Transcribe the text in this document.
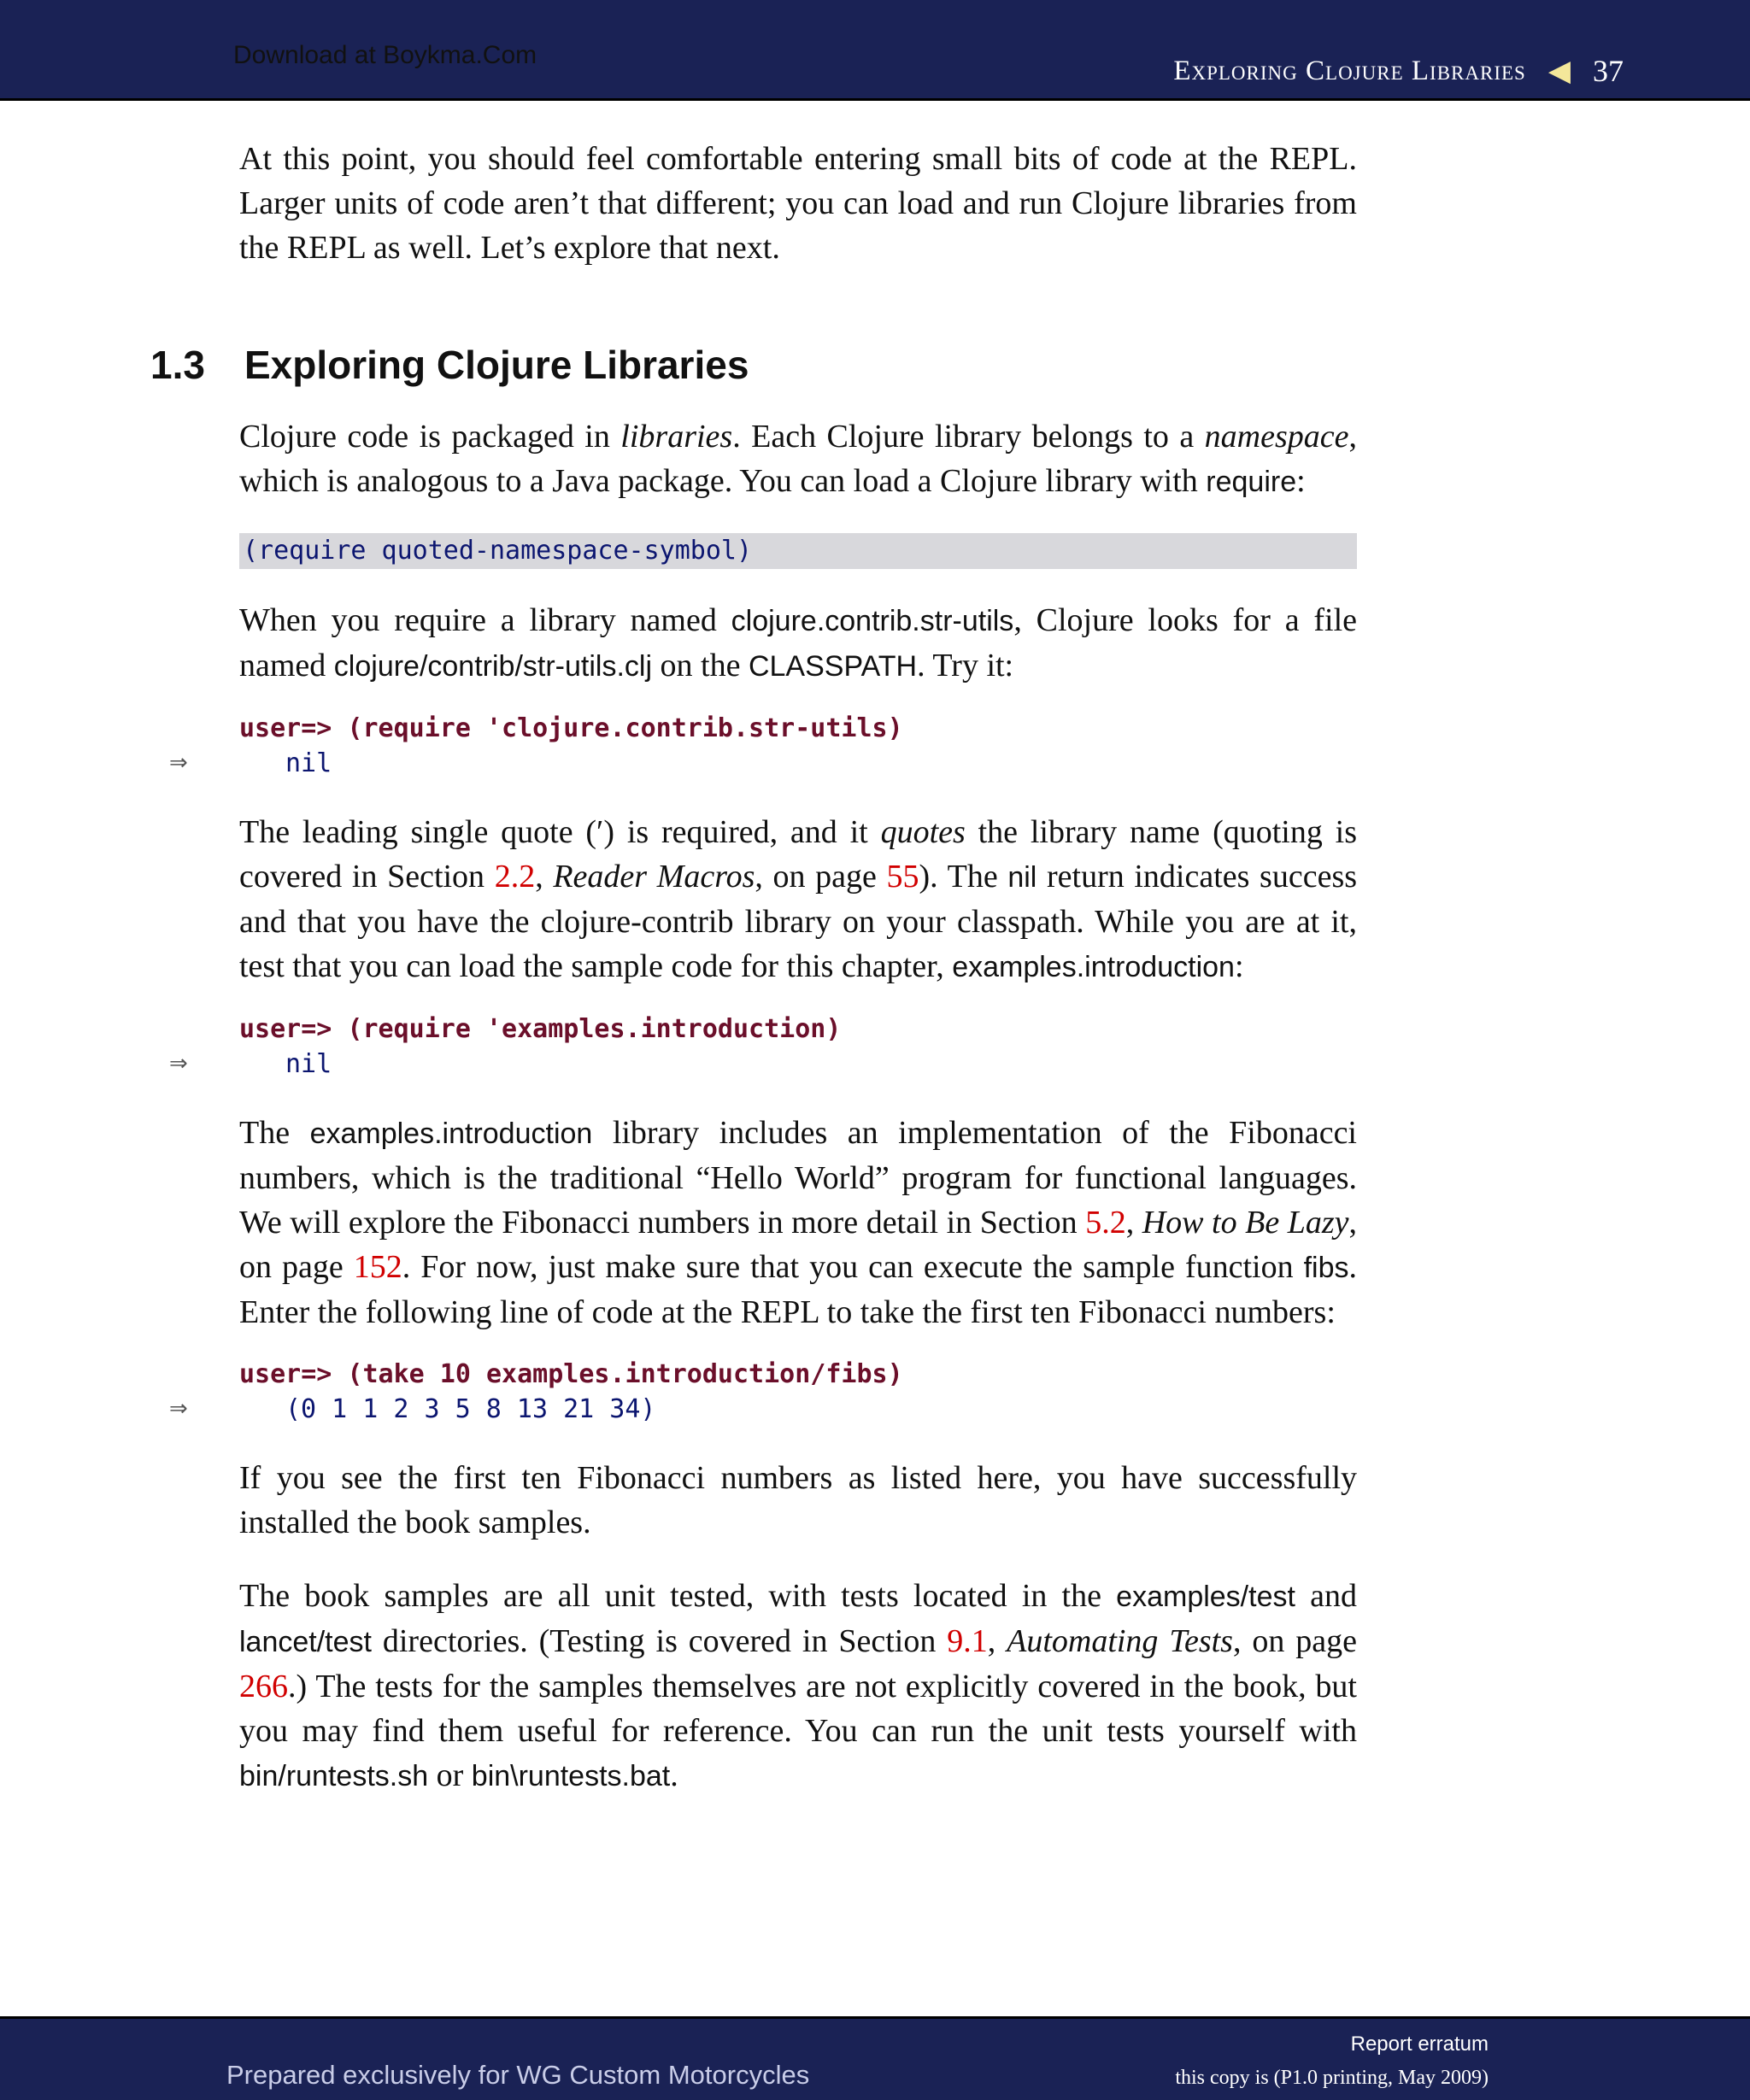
Download at Boykma.Com	Exploring Clojure Libraries ◀ 37
1.3 Exploring Clojure Libraries

At this point, you should feel comfortable entering small bits of code at the REPL. Larger units of code aren’t that different; you can load and run Clojure libraries from the REPL as well. Let’s explore that next.

Clojure code is packaged in libraries. Each Clojure library belongs to a namespace, which is analogous to a Java package. You can load a Clojure library with require:

(require quoted-namespace-symbol)

When you require a library named clojure.contrib.str-utils, Clojure looks for a file named clojure/contrib/str-utils.clj on the CLASSPATH. Try it:

user=> (require 'clojure.contrib.str-utils)
⇒	nil

The leading single quote (′) is required, and it quotes the library name (quoting is covered in Section 2.2, Reader Macros, on page 55). The nil return indicates success and that you have the clojure-contrib library on your classpath. While you are at it, test that you can load the sample code for this chapter, examples.introduction:

user=> (require 'examples.introduction)
⇒	nil

The examples.introduction library includes an implementation of the Fibonacci numbers, which is the traditional “Hello World” program for functional languages. We will explore the Fibonacci numbers in more detail in Section 5.2, How to Be Lazy, on page 152. For now, just make sure that you can execute the sample function fibs. Enter the following line of code at the REPL to take the first ten Fibonacci numbers:

user=> (take 10 examples.introduction/fibs)
⇒	(0 1 1 2 3 5 8 13 21 34)

If you see the first ten Fibonacci numbers as listed here, you have successfully installed the book samples.

The book samples are all unit tested, with tests located in the examples/test and lancet/test directories. (Testing is covered in Section 9.1, Automating Tests, on page 266.) The tests for the samples themselves are not explicitly covered in the book, but you may find them useful for reference. You can run the unit tests yourself with bin/runtests.sh or bin\runtests.bat.

Prepared exclusively for WG Custom Motorcycles
Report erratum
this copy is (P1.0 printing, May 2009)
